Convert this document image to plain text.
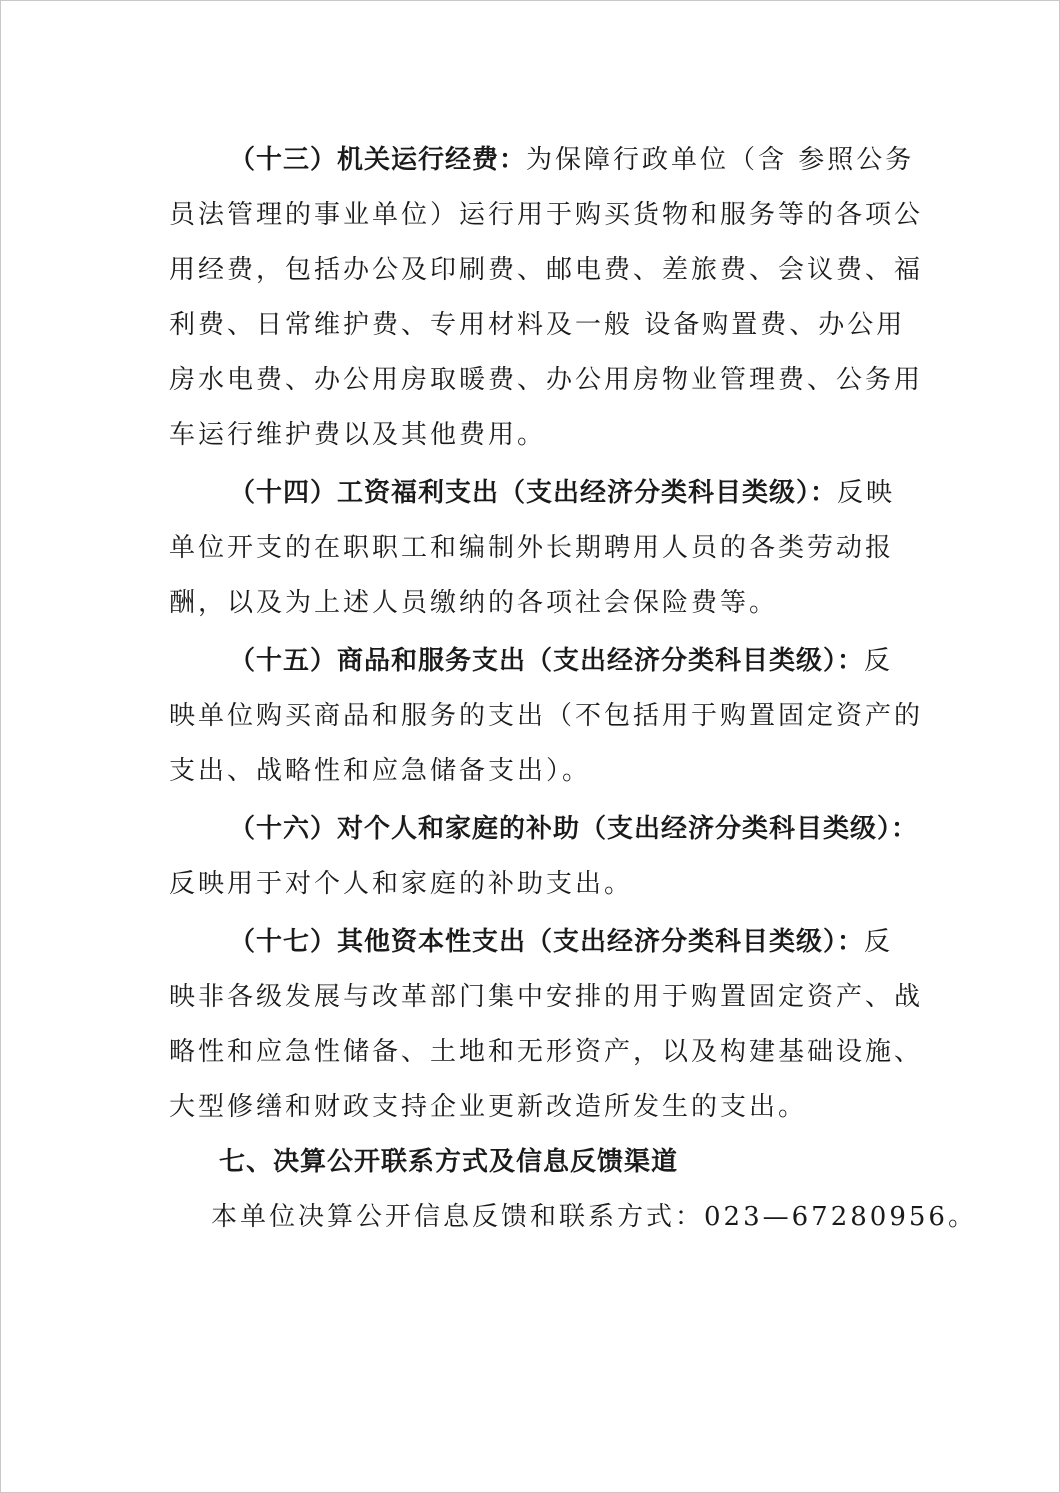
（十三）机关运行经费：为保障行政单位（含 参照公务
员法管理的事业单位）运行用于购买货物和服务等的各项公
用经费，包括办公及印刷费、邮电费、差旅费、会议费、福
利费、日常维护费、专用材料及一般 设备购置费、办公用
房水电费、办公用房取暖费、办公用房物业管理费、公务用
车运行维护费以及其他费用。
（十四）工资福利支出（支出经济分类科目类级）：反映
单位开支的在职职工和编制外长期聘用人员的各类劳动报
酬，以及为上述人员缴纳的各项社会保险费等。
（十五）商品和服务支出（支出经济分类科目类级）：反
映单位购买商品和服务的支出（不包括用于购置固定资产的
支出、战略性和应急储备支出）。
（十六）对个人和家庭的补助（支出经济分类科目类级）：
反映用于对个人和家庭的补助支出。
（十七）其他资本性支出（支出经济分类科目类级）：反
映非各级发展与改革部门集中安排的用于购置固定资产、战
略性和应急性储备、土地和无形资产，以及构建基础设施、
大型修缮和财政支持企业更新改造所发生的支出。
七、决算公开联系方式及信息反馈渠道
本单位决算公开信息反馈和联系方式：023—67280956。
